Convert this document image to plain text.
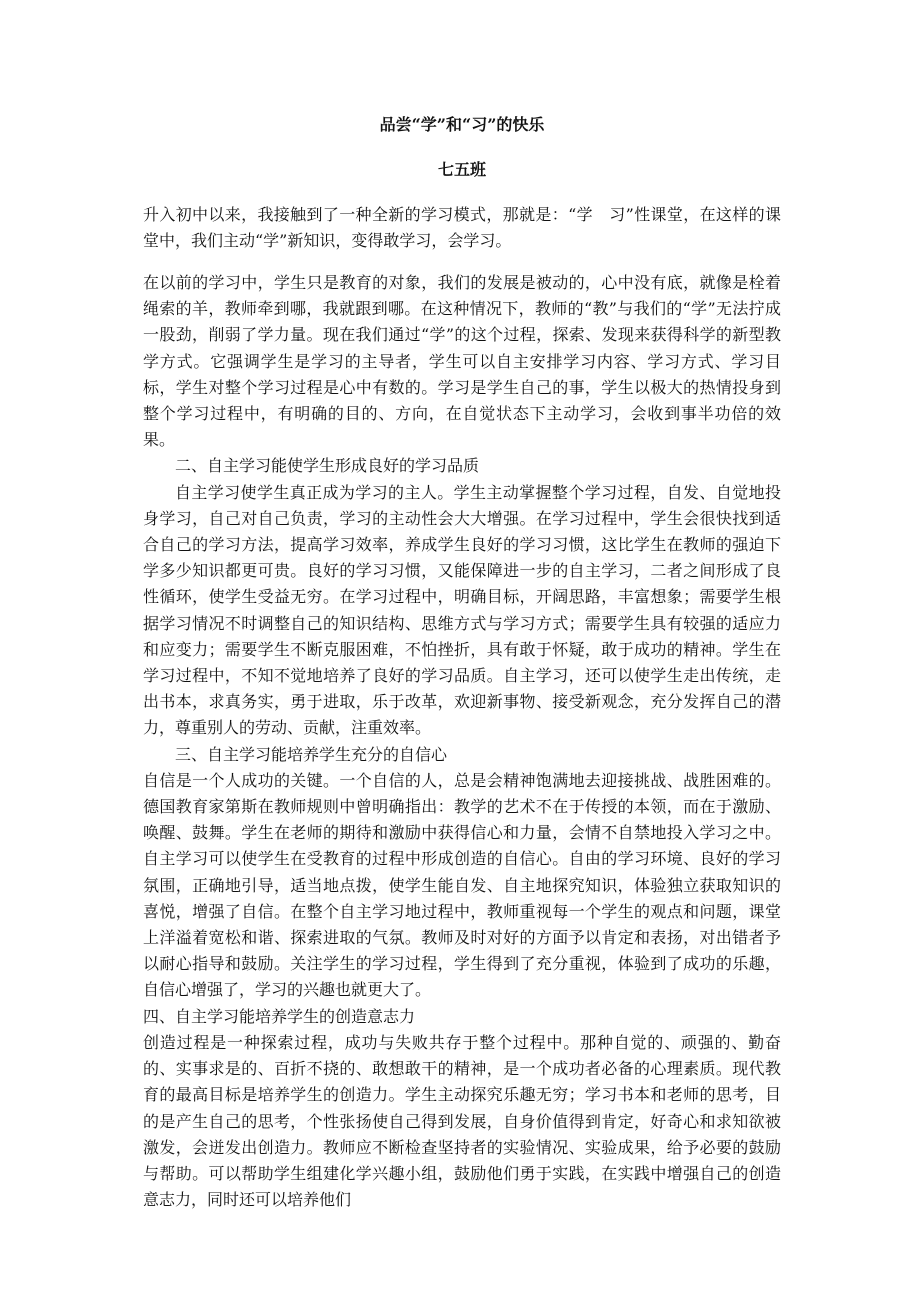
品尝“学”和“习”的快乐
七五班

升入初中以来，我接触到了一种全新的学习模式，那就是：“学　习”性课堂，在这样的课堂中，我们主动“学”新知识，变得敢学习，会学习。

在以前的学习中，学生只是教育的对象，我们的发展是被动的，心中没有底，就像是栓着绳索的羊，教师牵到哪，我就跟到哪。在这种情况下，教师的“教”与我们的“学”无法拧成一股劲，削弱了学力量。现在我们通过“学”的这个过程，探索、发现来获得科学的新型教学方式。它强调学生是学习的主导者，学生可以自主安排学习内容、学习方式、学习目标，学生对整个学习过程是心中有数的。学习是学生自己的事，学生以极大的热情投身到整个学习过程中，有明确的目的、方向，在自觉状态下主动学习，会收到事半功倍的效果。

二、自主学习能使学生形成良好的学习品质

自主学习使学生真正成为学习的主人。学生主动掌握整个学习过程，自发、自觉地投身学习，自己对自己负责，学习的主动性会大大增强。在学习过程中，学生会很快找到适合自己的学习方法，提高学习效率，养成学生良好的学习习惯，这比学生在教师的强迫下学多少知识都更可贵。良好的学习习惯，又能保障进一步的自主学习，二者之间形成了良性循环，使学生受益无穷。在学习过程中，明确目标，开阔思路，丰富想象；需要学生根据学习情况不时调整自己的知识结构、思维方式与学习方式；需要学生具有较强的适应力和应变力；需要学生不断克服困难，不怕挫折，具有敢于怀疑，敢于成功的精神。学生在学习过程中，不知不觉地培养了良好的学习品质。自主学习，还可以使学生走出传统，走出书本，求真务实，勇于进取，乐于改革，欢迎新事物、接受新观念，充分发挥自己的潜力，尊重别人的劳动、贡献，注重效率。

三、自主学习能培养学生充分的自信心

自信是一个人成功的关键。一个自信的人，总是会精神饱满地去迎接挑战、战胜困难的。德国教育家第斯在教师规则中曾明确指出：教学的艺术不在于传授的本领，而在于激励、唤醒、鼓舞。学生在老师的期待和激励中获得信心和力量，会情不自禁地投入学习之中。自主学习可以使学生在受教育的过程中形成创造的自信心。自由的学习环境、良好的学习氛围，正确地引导，适当地点拨，使学生能自发、自主地探究知识，体验独立获取知识的喜悦，增强了自信。在整个自主学习地过程中，教师重视每一个学生的观点和问题，课堂上洋溢着宽松和谐、探索进取的气氛。教师及时对好的方面予以肯定和表扬，对出错者予以耐心指导和鼓励。关注学生的学习过程，学生得到了充分重视，体验到了成功的乐趣，自信心增强了，学习的兴趣也就更大了。

四、自主学习能培养学生的创造意志力

创造过程是一种探索过程，成功与失败共存于整个过程中。那种自觉的、顽强的、勤奋的、实事求是的、百折不挠的、敢想敢干的精神，是一个成功者必备的心理素质。现代教育的最高目标是培养学生的创造力。学生主动探究乐趣无穷；学习书本和老师的思考，目的是产生自己的思考，个性张扬使自己得到发展，自身价值得到肯定，好奇心和求知欲被激发，会迸发出创造力。教师应不断检查坚持者的实验情况、实验成果，给予必要的鼓励与帮助。可以帮助学生组建化学兴趣小组，鼓励他们勇于实践，在实践中增强自己的创造意志力，同时还可以培养他们
